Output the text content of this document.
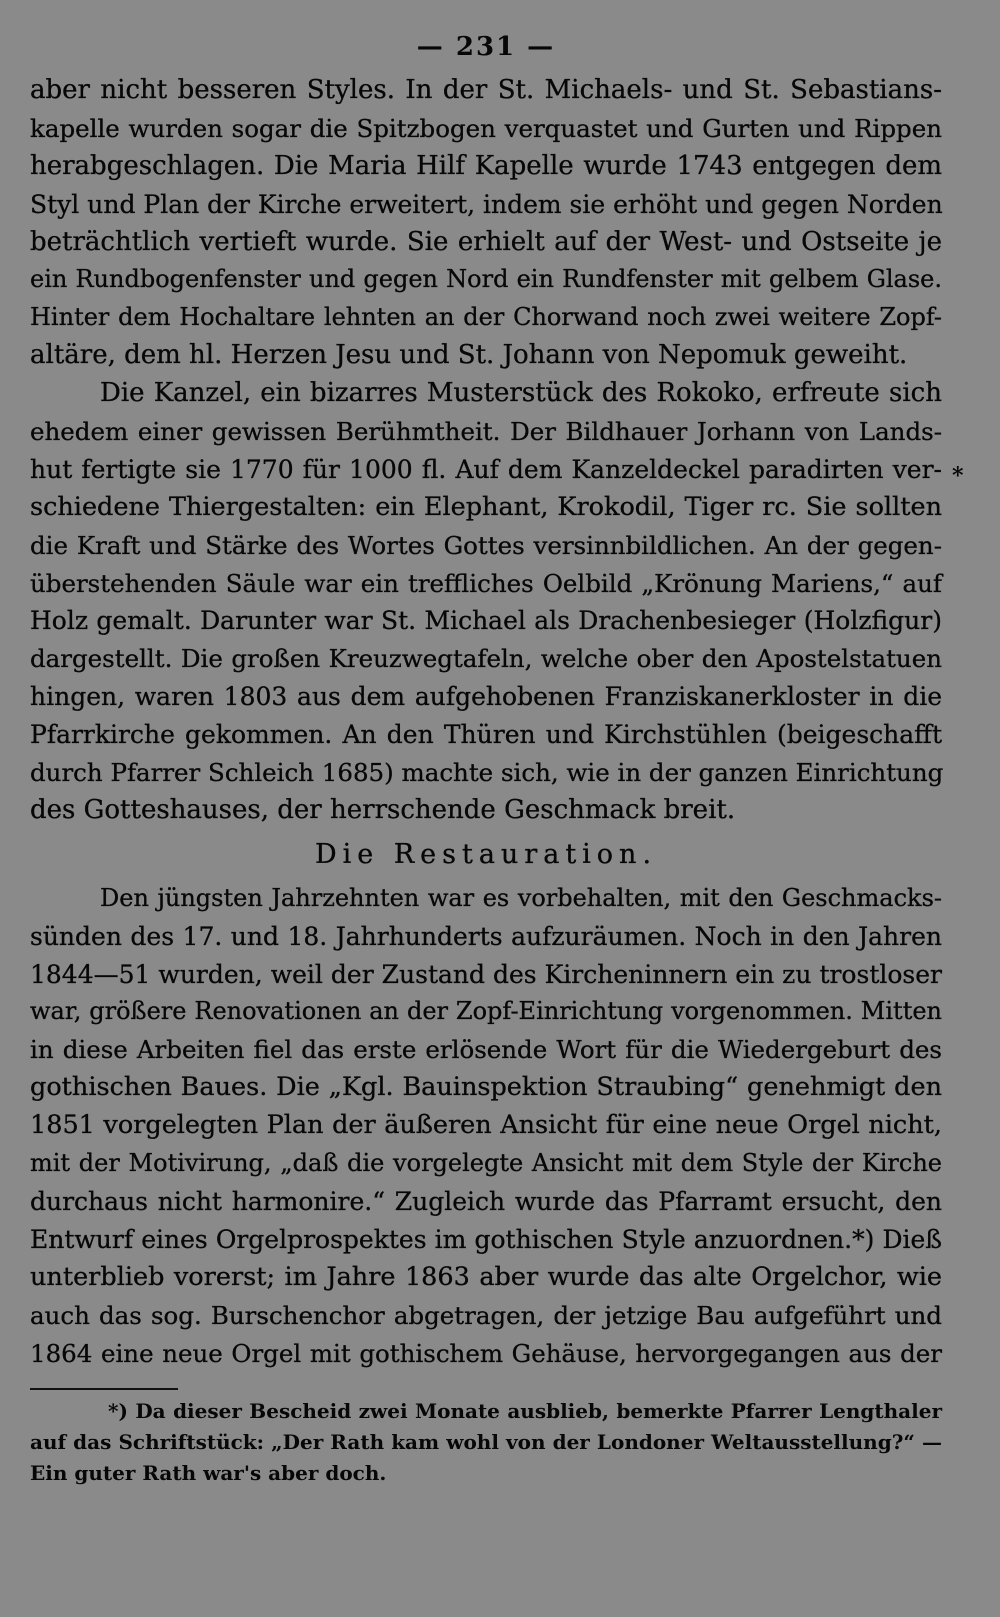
— 231 —
aber nicht besseren Styles. In der St. Michaels- und St. Sebastians-
kapelle wurden sogar die Spitzbogen verquastet und Gurten und Rippen
herabgeschlagen. Die Maria Hilf Kapelle wurde 1743 entgegen dem
Styl und Plan der Kirche erweitert, indem sie erhöht und gegen Norden
beträchtlich vertieft wurde. Sie erhielt auf der West- und Ostseite je
ein Rundbogenfenster und gegen Nord ein Rundfenster mit gelbem Glase.
Hinter dem Hochaltare lehnten an der Chorwand noch zwei weitere Zopf-
altäre, dem hl. Herzen Jesu und St. Johann von Nepomuk geweiht.
Die Kanzel, ein bizarres Musterstück des Rokoko, erfreute sich
ehedem einer gewissen Berühmtheit. Der Bildhauer Jorhann von Lands-
hut fertigte sie 1770 für 1000 fl. Auf dem Kanzeldeckel paradirten ver-
schiedene Thiergestalten: ein Elephant, Krokodil, Tiger rc. Sie sollten
die Kraft und Stärke des Wortes Gottes versinnbildlichen. An der gegen-
überstehenden Säule war ein treffliches Oelbild „Krönung Mariens,“ auf
Holz gemalt. Darunter war St. Michael als Drachenbesieger (Holzfigur)
dargestellt. Die großen Kreuzwegtafeln, welche ober den Apostelstatuen
hingen, waren 1803 aus dem aufgehobenen Franziskanerkloster in die
Pfarrkirche gekommen. An den Thüren und Kirchstühlen (beigeschafft
durch Pfarrer Schleich 1685) machte sich, wie in der ganzen Einrichtung
des Gotteshauses, der herrschende Geschmack breit.
Die Restauration.
Den jüngsten Jahrzehnten war es vorbehalten, mit den Geschmacks-
sünden des 17. und 18. Jahrhunderts aufzuräumen. Noch in den Jahren
1844—51 wurden, weil der Zustand des Kircheninnern ein zu trostloser
war, größere Renovationen an der Zopf-Einrichtung vorgenommen. Mitten
in diese Arbeiten fiel das erste erlösende Wort für die Wiedergeburt des
gothischen Baues. Die „Kgl. Bauinspektion Straubing“ genehmigt den
1851 vorgelegten Plan der äußeren Ansicht für eine neue Orgel nicht,
mit der Motivirung, „daß die vorgelegte Ansicht mit dem Style der Kirche
durchaus nicht harmonire.“ Zugleich wurde das Pfarramt ersucht, den
Entwurf eines Orgelprospektes im gothischen Style anzuordnen.*) Dieß
unterblieb vorerst; im Jahre 1863 aber wurde das alte Orgelchor, wie
auch das sog. Burschenchor abgetragen, der jetzige Bau aufgeführt und
1864 eine neue Orgel mit gothischem Gehäuse, hervorgegangen aus der
*) Da dieser Bescheid zwei Monate ausblieb, bemerkte Pfarrer Lengthaler
auf das Schriftstück: „Der Rath kam wohl von der Londoner Weltausstellung?“ —
Ein guter Rath war's aber doch.
*
